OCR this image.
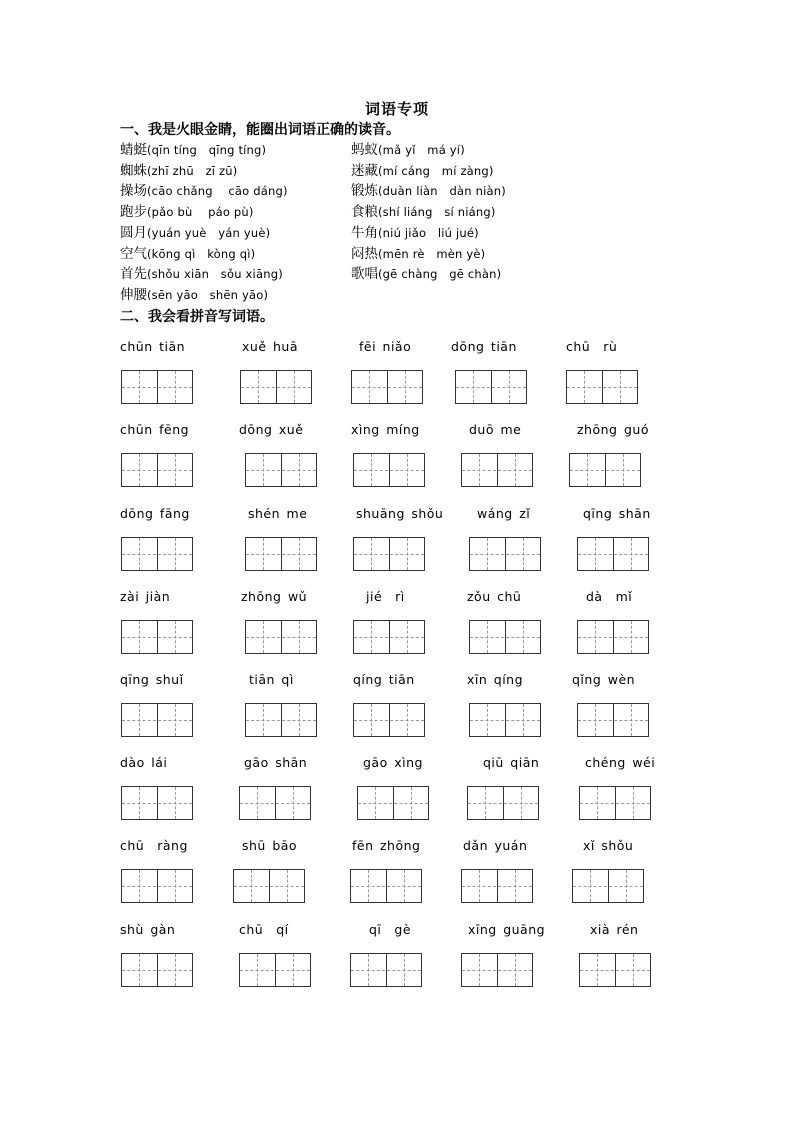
词语专项
一、我是火眼金睛，能圈出词语正确的读音。
蜻蜓(qīn tíng　qīng tíng)	蚂蚁(mǎ yǐ　má yí)
蜘蛛(zhī zhū　zī zū)	迷藏(mí cáng　mí zàng)
操场(cāo chǎng　 cāo dáng)	锻炼(duàn liàn　dàn niàn)
跑步(pǎo bù　 páo pù)	食粮(shí liáng　sí niáng)
圆月(yuán yuè　yán yuè)	牛角(niú jiǎo　liú jué)
空气(kōng qì　kòng qì)	闷热(mēn rè　mèn yè)
首先(shǒu xiān　sǒu xiāng)	歌唱(gē chàng　gē chàn)
伸腰(sēn yāo　shēn yāo)
二、我会看拼音写词语。
chūn tiān	xuě huā	fēi niǎo	dōng tiān	chū　rù
chūn fēng	dōng xuě	xìng míng	duō me	zhōng guó
dōng fāng	shén me	shuāng shǒu	wáng zǐ	qīng shān
zài jiàn	zhōng wǔ	jié　rì	zǒu chū	dà　mǐ
qīng shuǐ	tiān qì	qíng tiān	xīn qíng	qǐng wèn
dào lái	gāo shān	gāo xìng	qiū qiān	chéng wéi
chū　ràng	shū bāo	fēn zhōng	dǎn yuán	xǐ shǒu
shù gàn	chū　qí	qī　gè	xīng guāng	xià rén
